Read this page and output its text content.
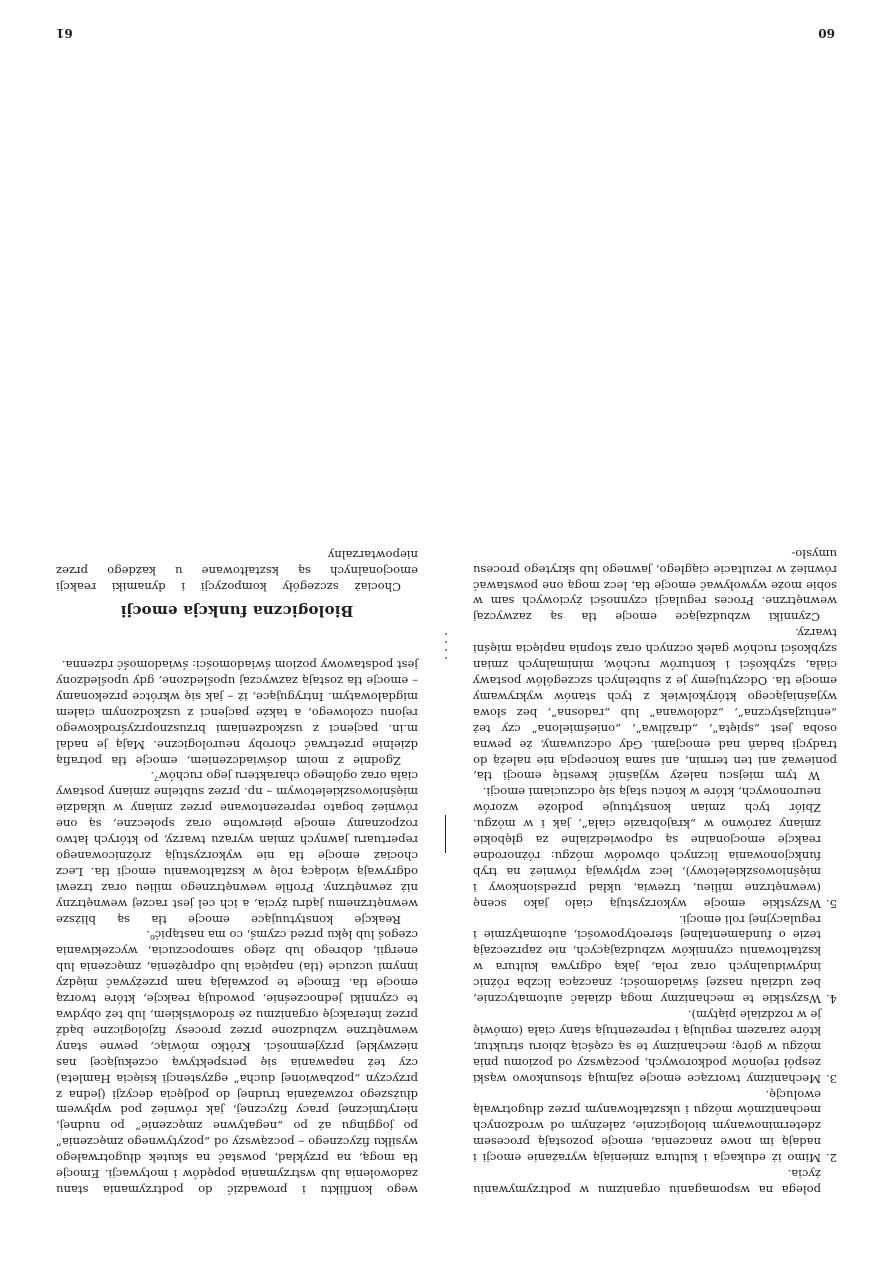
polega na wspomaganiu organizmu w podtrzymywaniu życia.

2.
Mimo iż edukacja i kultura zmieniają wyrażanie emocji i nadają im nowe znaczenia, emocje pozostają procesem zdeterminowanym biologicznie, zależnym od wrodzonych mechanizmów mózgu i ukształtowanym przez długotrwałą ewolucję.
3.
Mechanizmy tworzące emocje zajmują stosunkowo wąski zespół rejonów podkorowych, począwszy od poziomu pnia mózgu w górę; mechanizmy te są częścią zbioru struktur, które zarazem regulują i reprezentują stany ciała (omówię je w rozdziale piątym).
4.
Wszystkie te mechanizmy mogą działać automatycznie, bez udziału naszej świadomości; znacząca liczba różnic indywidualnych oraz rola, jaką odgrywa kultura w kształtowaniu czynników wzbudzających, nie zaprzeczają tezie o fundamentalnej stereotypowości, automatyzmie i regulacyjnej roli emocji.
5.
Wszystkie emocje wykorzystują ciało jako scenę (wewnętrzne milieu, trzewia, układ przedsionkowy i mięśniowoszkieletowy), lecz wpływają również na tryb funkcjonowania licznych obwodów mózgu: różnorodne reakcje emocjonalne są odpowiedzialne za głębokie zmiany zarówno w „krajobrazie ciała”, jak i w mózgu. Zbiór tych zmian konstytuuje podłoże wzorów neuronowych, które w końcu stają się odczuciami emocji.

W tym miejscu należy wyjaśnić kwestię emocji tła, ponieważ ani ten termin, ani sama koncepcja nie należą do tradycji badań nad emocjami. Gdy odczuwamy, że pewna osoba jest „spięta”, „drażliwa”, „onieśmielona” czy też „entuzjastyczna”, „zdołowana” lub „radosna”, bez słowa wyjaśniającego którykolwiek z tych stanów wykrywamy emocje tła. Odczytujemy je z subtelnych szczegółów postawy ciała, szybkości i konturów ruchów, minimalnych zmian szybkości ruchów gałek ocznych oraz stopnia napięcia mięśni twarzy.

Czynniki wzbudzające emocje tła są zazwyczaj wewnętrzne. Proces regulacji czynności życiowych sam w sobie może wywoływać emocje tła, lecz mogą one powstawać również w rezultacie ciągłego, jawnego lub skrytego procesu umysło-

60

wego konfliktu i prowadzić do podtrzymania stanu zadowolenia lub wstrzymania popędów i motywacji. Emocje tła mogą, na przykład, powstać na skutek długotrwałego wysiłku fizycznego – począwszy od „pozytywnego zmęczenia” po joggingu aż po „negatywne zmęczenie” po nudnej, nierytmicznej pracy fizycznej, jak również pod wpływem dłuższego rozważania trudnej do podjęcia decyzji (jedna z przyczyn „pozbawionej ducha” egzystencji księcia Hamleta) czy też napawania się perspektywą oczekującej nas niezwykłej przyjemności. Krótko mówiąc, pewne stany wewnętrzne wzbudzone przez procesy fizjologiczne bądź przez interakcję organizmu ze środowiskiem, lub też obydwa te czynniki jednocześnie, powodują reakcje, które tworzą emocje tła. Emocje te pozwalają nam przeżywać między innymi uczucie (tła) napięcia lub odprężenia, zmęczenia lub energii, dobrego lub złego samopoczucia, wyczekiwania czegoś lub lęku przed czymś, co ma nastąpić⁶.

Reakcje konstytuujące emocje tła są bliższe wewnętrznemu jądru życia, a ich cel jest raczej wewnętrzny niż zewnętrzny. Profile wewnętrznego milieu oraz trzewi odgrywają wiodącą rolę w kształtowaniu emocji tła. Lecz chociaż emocje tła nie wykorzystują zróżnicowanego repertuaru jawnych zmian wyrazu twarzy, po których łatwo rozpoznamy emocje pierwotne oraz społeczne, są one również bogato reprezentowane przez zmiany w układzie mięśniowoszkieletowym – np. przez subtelne zmiany postawy ciała oraz ogólnego charakteru jego ruchów⁷.

Zgodnie z moim doświadczeniem, emocje tła potrafią dzielnie przetrwać choroby neurologiczne. Mają je nadal m.in. pacjenci z uszkodzeniami brzusznoprzyśrodkowego rejonu czołowego, a także pacjenci z uszkodzonym ciałem migdałowatym. Intrygujące, iż – jak się wkrótce przekonamy – emocje tła zostają zazwyczaj upośledzone, gdy upośledzony jest podstawowy poziom świadomości: świadomość rdzenna.

Biologiczna funkcja emocji

Chociaż szczegóły kompozycji i dynamiki reakcji emocjonalnych są kształtowane u każdego przez niepowtarzalny

61
